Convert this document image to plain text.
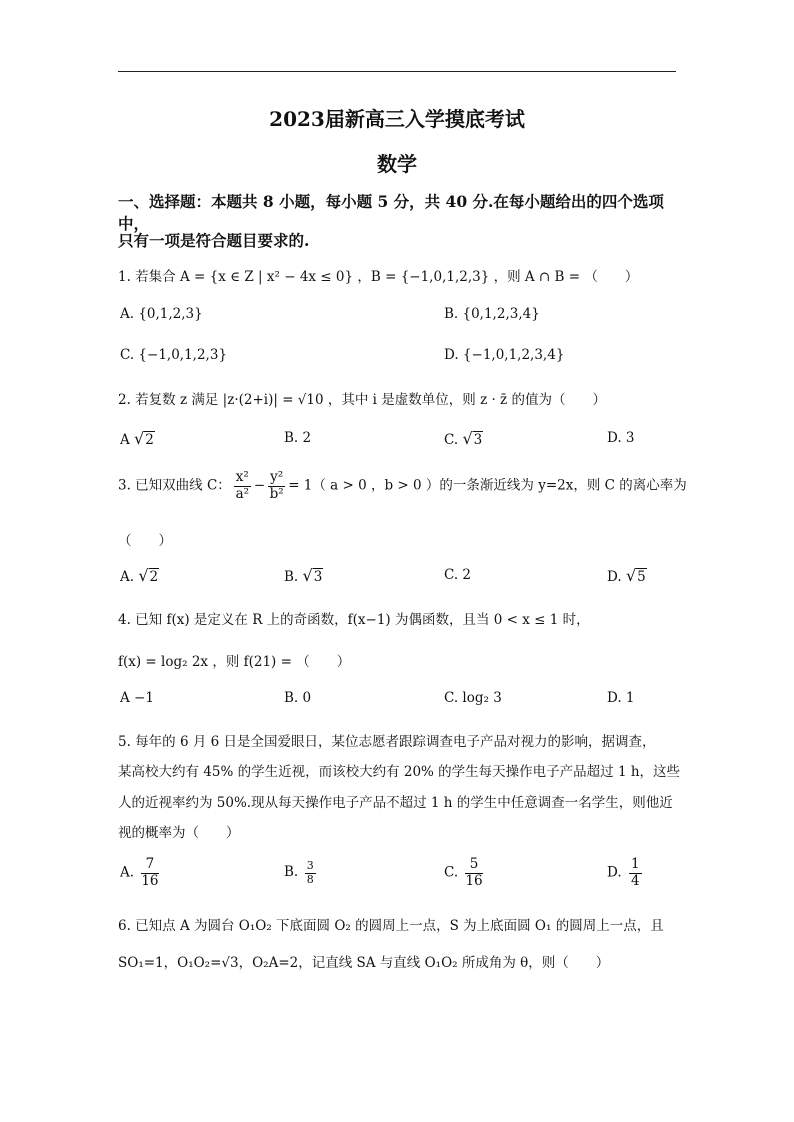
2023届新高三入学摸底考试
数学
一、选择题：本题共 8 小题，每小题 5 分，共 40 分.在每小题给出的四个选项中，
只有一项是符合题目要求的.
1. 若集合 A = {x ∈ Z | x² − 4x ≤ 0} ，B = {−1,0,1,2,3} ，则 A ∩ B = （　　）
A. {0,1,2,3}	B. {0,1,2,3,4}
C. {−1,0,1,2,3}	D. {−1,0,1,2,3,4}
2. 若复数 z 满足 |z·(2+i)| = √10 ，其中 i 是虚数单位，则 z · z̄ 的值为（　　）
A √2	B. 2	C. √3	D. 3
3. 已知双曲线 C： $\frac{\text{x²}}{\text{a²}} - \frac{\text{y²}}{\text{b²}} = 1$（ a > 0 ，b > 0 ）的一条渐近线为 y=2x，则 C 的离心率为
（　　）
A. √2	B. √3	C. 2	D. √5
4. 已知 f(x) 是定义在 R 上的奇函数，f(x−1) 为偶函数，且当 0 < x ≤ 1 时，
f(x) = log₂ 2x ，则 f(21) = （　　）
A −1	B. 0	C. log₂ 3	D. 1
5. 每年的 6 月 6 日是全国爱眼日，某位志愿者跟踪调查电子产品对视力的影响，据调查，
某高校大约有 45% 的学生近视，而该校大约有 20% 的学生每天操作电子产品超过 1 h，这些
人的近视率约为 50%.现从每天操作电子产品不超过 1 h 的学生中任意调查一名学生，则他近
视的概率为（　　）
A. $\frac{7}{16}$	B. $\frac{3}{8}$	C. $\frac{5}{16}$	D. $\frac{1}{4}$
6. 已知点 A 为圆台 O₁O₂ 下底面圆 O₂ 的圆周上一点，S 为上底面圆 O₁ 的圆周上一点，且
SO₁=1，O₁O₂=√3，O₂A=2，记直线 SA 与直线 O₁O₂ 所成角为 θ，则（　　）
